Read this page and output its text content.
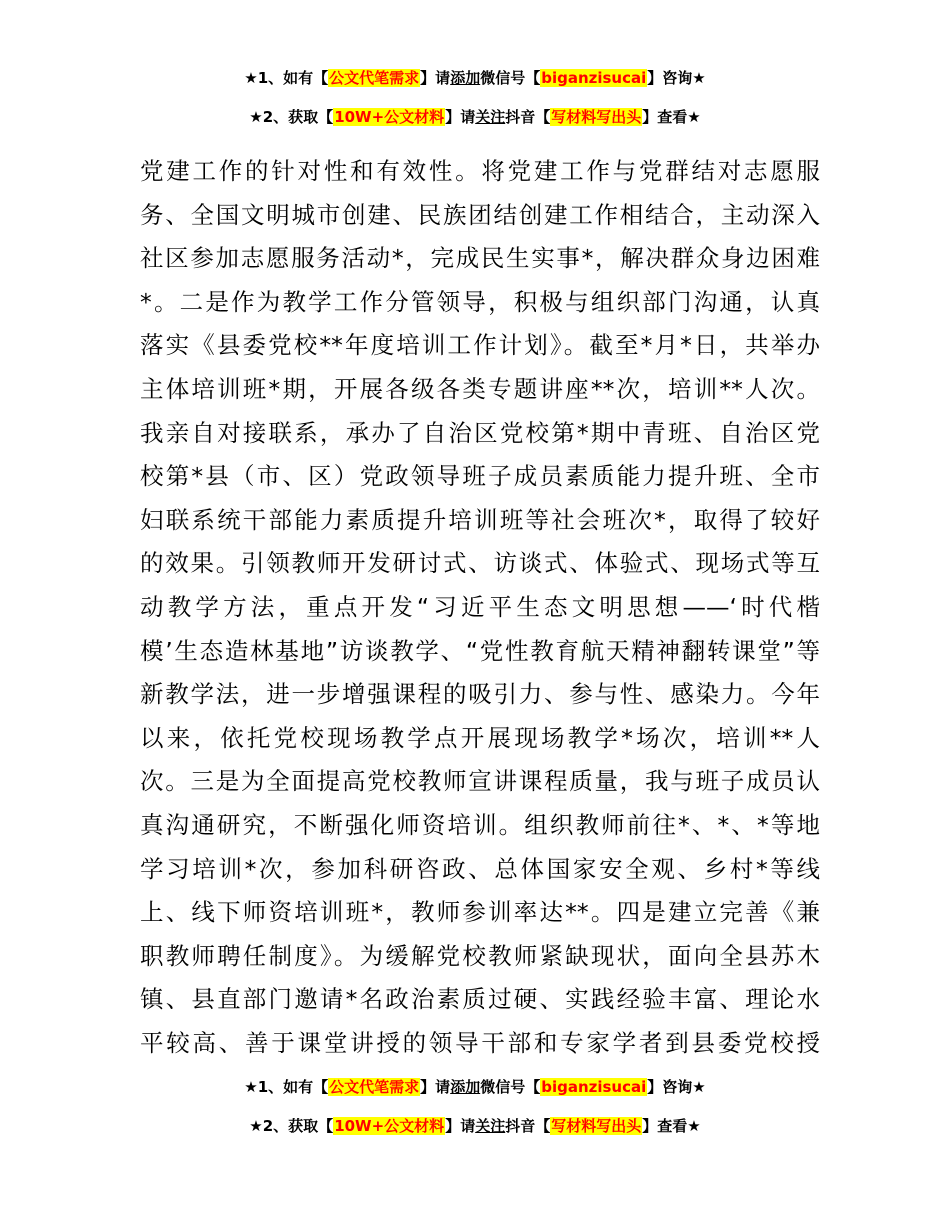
★1、如有【公文代笔需求】请添加微信号【biganzisucai】咨询★
★2、获取【10W+公文材料】请关注抖音【写材料写出头】查看★
党建工作的针对性和有效性。将党建工作与党群结对志愿服
务、全国文明城市创建、民族团结创建工作相结合，主动深入
社区参加志愿服务活动*，完成民生实事*，解决群众身边困难
*。二是作为教学工作分管领导，积极与组织部门沟通，认真
落实《县委党校**年度培训工作计划》。截至*月*日，共举办
主体培训班*期，开展各级各类专题讲座**次，培训**人次。
我亲自对接联系，承办了自治区党校第*期中青班、自治区党
校第*县（市、区）党政领导班子成员素质能力提升班、全市
妇联系统干部能力素质提升培训班等社会班次*，取得了较好
的效果。引领教师开发研讨式、访谈式、体验式、现场式等互
动教学方法，重点开发“习近平生态文明思想——‘时代楷
模’生态造林基地”访谈教学、“党性教育航天精神翻转课堂”等
新教学法，进一步增强课程的吸引力、参与性、感染力。今年
以来，依托党校现场教学点开展现场教学*场次，培训**人
次。三是为全面提高党校教师宣讲课程质量，我与班子成员认
真沟通研究，不断强化师资培训。组织教师前往*、*、*等地
学习培训*次，参加科研咨政、总体国家安全观、乡村*等线
上、线下师资培训班*，教师参训率达**。四是建立完善《兼
职教师聘任制度》。为缓解党校教师紧缺现状，面向全县苏木
镇、县直部门邀请*名政治素质过硬、实践经验丰富、理论水
平较高、善于课堂讲授的领导干部和专家学者到县委党校授
★1、如有【公文代笔需求】请添加微信号【biganzisucai】咨询★
★2、获取【10W+公文材料】请关注抖音【写材料写出头】查看★
